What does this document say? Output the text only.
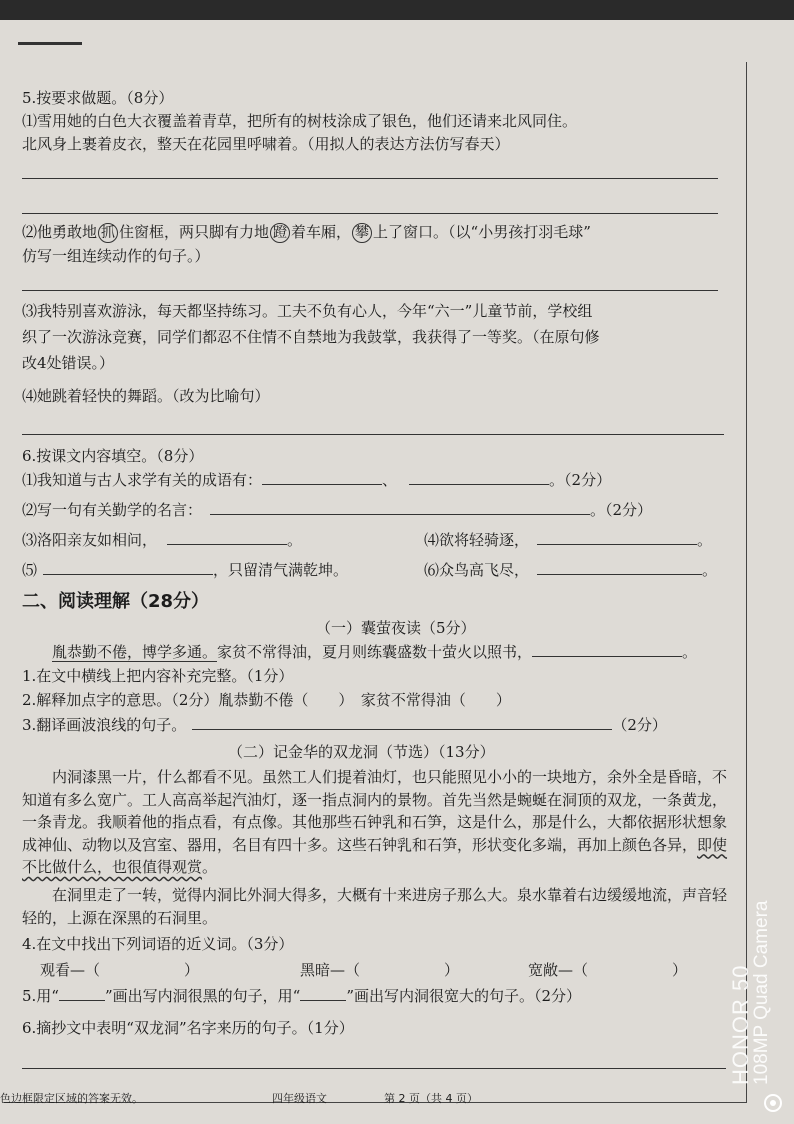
5.按要求做题。（8分）
⑴雪用她的白色大衣覆盖着青草，把所有的树枝涂成了银色，他们还请来北风同住。
北风身上裹着皮衣，整天在花园里呼啸着。（用拟人的表达方法仿写春天）
⑵他勇敢地 抓 住窗框，两只脚有力地 蹬 着车厢， 攀 上了窗口。（以“小男孩打羽毛球”
仿写一组连续动作的句子。）
⑶我特别喜欢游泳，每天都坚持练习。工夫不负有心人，今年“六一”儿童节前，学校组
织了一次游泳竞赛，同学们都忍不住情不自禁地为我鼓掌，我获得了一等奖。（在原句修
改4处错误。）
⑷她跳着轻快的舞蹈。（改为比喻句）
6.按课文内容填空。（8分）
⑴我知道与古人求学有关的成语有：	、	。（2分）
⑵写一句有关勤学的名言：	。（2分）
⑶洛阳亲友如相问，	。	⑷欲将轻骑逐，	。
⑸	，只留清气满乾坤。	⑹众鸟高飞尽，	。
二、阅读理解（28分）
（一）囊萤夜读（5分）
胤恭勤不倦，博学多通。家贫不常得油，夏月则练囊盛数十萤火以照书，	。
1.在文中横线上把内容补充完整。（1分）
2.解释加点字的意思。（2分）胤恭勤不倦（　　）　家贫不常得油（　　）
3.翻译画波浪线的句子。	（2分）
（二）记金华的双龙洞（节选）（13分）
内洞漆黑一片，什么都看不见。虽然工人们提着油灯，也只能照见小小的一块地方，余外全是昏暗，不知道有多么宽广。工人高高举起汽油灯，逐一指点洞内的景物。首先当然是蜿蜒在洞顶的双龙，一条黄龙，一条青龙。我顺着他的指点看，有点像。其他那些石钟乳和石笋，这是什么，那是什么，大都依据形状想象成神仙、动物以及宫室、器用，名目有四十多。这些石钟乳和石笋，形状变化多端，再加上颜色各异，即使不比做什么，也很值得观赏。
在洞里走了一转，觉得内洞比外洞大得多，大概有十来进房子那么大。泉水靠着右边缓缓地流，声音轻轻的，上源在深黑的石洞里。
4.在文中找出下列词语的近义词。（3分）
观看—（	）	黑暗—（	）	宽敞—（	）
5.用“	”画出写内洞很黑的句子，用“	”画出写内洞很宽大的句子。（2分）
6.摘抄文中表明“双龙洞”名字来历的句子。（1分）
色边框限定区域的答案无效。	四年级语文	第 2 页（共 4 页）
HONOR 50
108MP Quad Camera
